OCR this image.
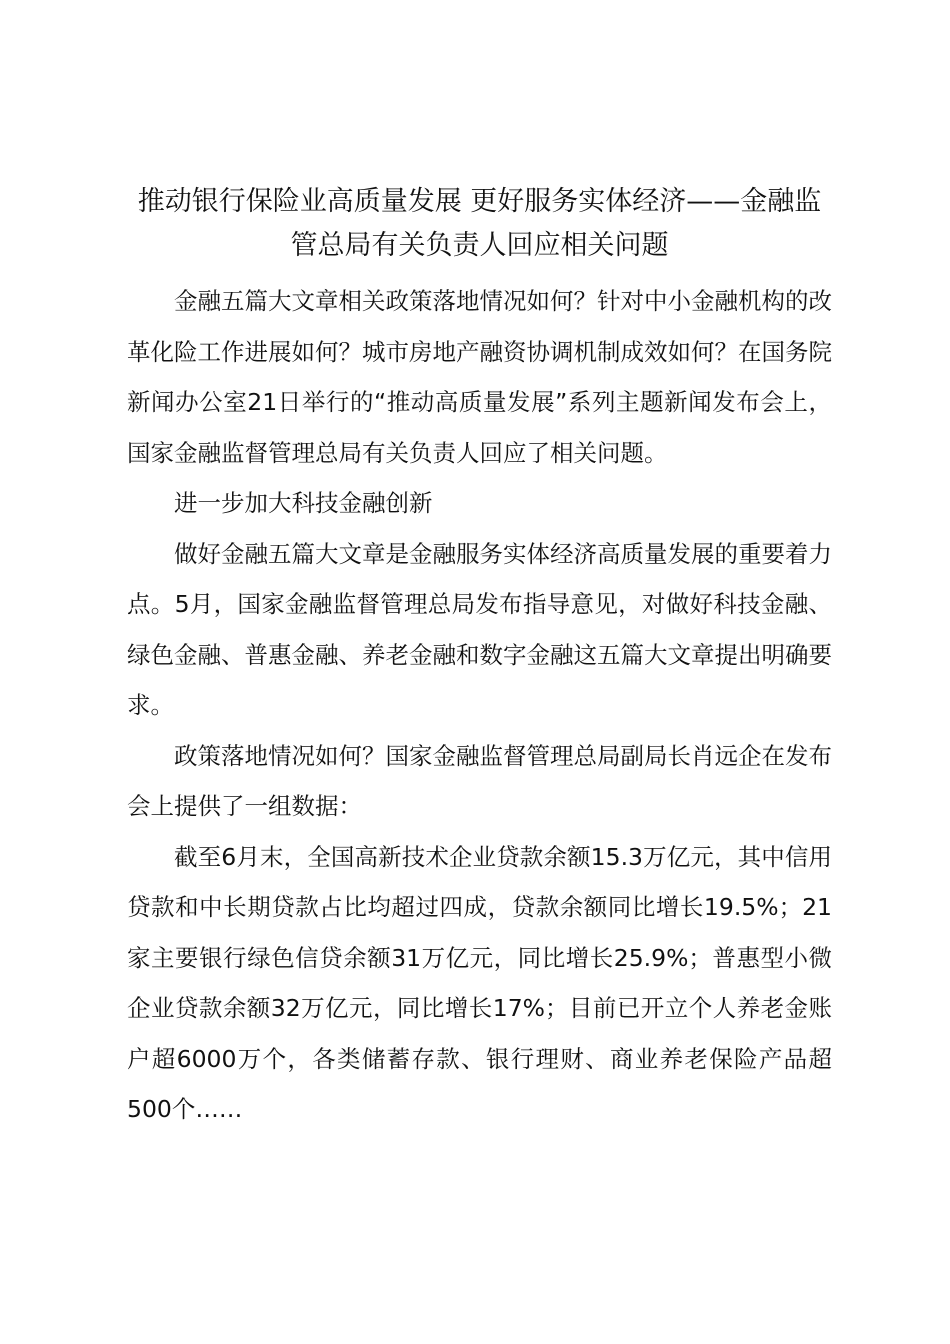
推动银行保险业高质量发展 更好服务实体经济——金融监管总局有关负责人回应相关问题

金融五篇大文章相关政策落地情况如何？针对中小金融机构的改革化险工作进展如何？城市房地产融资协调机制成效如何？在国务院新闻办公室21日举行的“推动高质量发展”系列主题新闻发布会上，国家金融监督管理总局有关负责人回应了相关问题。

进一步加大科技金融创新

做好金融五篇大文章是金融服务实体经济高质量发展的重要着力点。5月，国家金融监督管理总局发布指导意见，对做好科技金融、绿色金融、普惠金融、养老金融和数字金融这五篇大文章提出明确要求。

政策落地情况如何？国家金融监督管理总局副局长肖远企在发布会上提供了一组数据：

截至6月末，全国高新技术企业贷款余额15.3万亿元，其中信用贷款和中长期贷款占比均超过四成，贷款余额同比增长19.5%；21家主要银行绿色信贷余额31万亿元，同比增长25.9%；普惠型小微企业贷款余额32万亿元，同比增长17%；目前已开立个人养老金账户超6000万个，各类储蓄存款、银行理财、商业养老保险产品超500个……
